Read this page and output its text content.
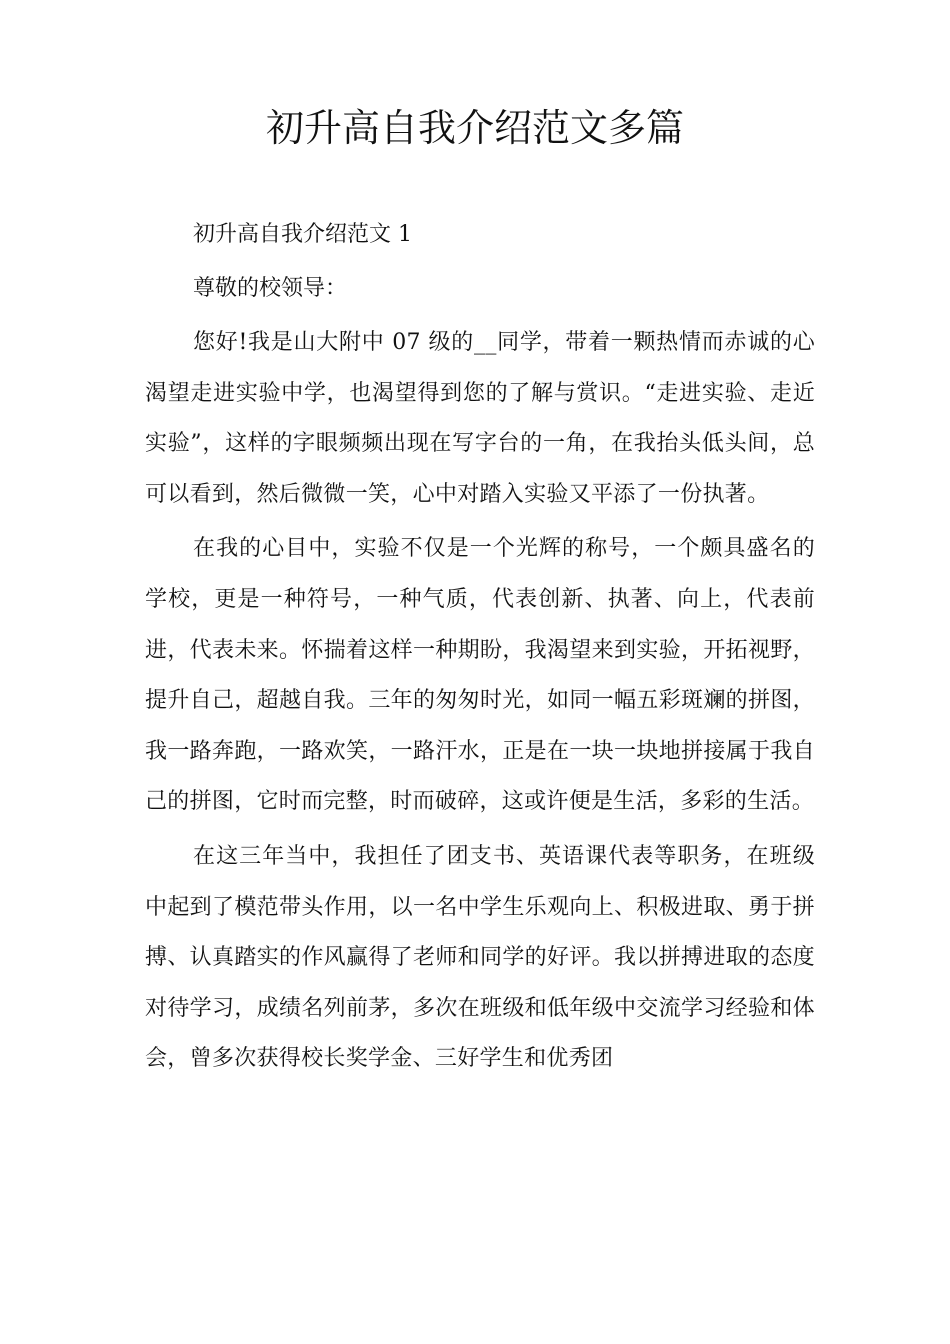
初升高自我介绍范文多篇

初升高自我介绍范文 1

尊敬的校领导：

您好!我是山大附中 07 级的__同学，带着一颗热情而赤诚的心渴望走进实验中学，也渴望得到您的了解与赏识。“走进实验、走近实验”，这样的字眼频频出现在写字台的一角，在我抬头低头间，总可以看到，然后微微一笑，心中对踏入实验又平添了一份执著。

在我的心目中，实验不仅是一个光辉的称号，一个颇具盛名的学校，更是一种符号，一种气质，代表创新、执著、向上，代表前进，代表未来。怀揣着这样一种期盼，我渴望来到实验，开拓视野，提升自己，超越自我。三年的匆匆时光，如同一幅五彩斑斓的拼图，我一路奔跑，一路欢笑，一路汗水，正是在一块一块地拼接属于我自己的拼图，它时而完整，时而破碎，这或许便是生活，多彩的生活。

在这三年当中，我担任了团支书、英语课代表等职务，在班级中起到了模范带头作用，以一名中学生乐观向上、积极进取、勇于拼搏、认真踏实的作风赢得了老师和同学的好评。我以拼搏进取的态度对待学习，成绩名列前茅，多次在班级和低年级中交流学习经验和体会，曾多次获得校长奖学金、三好学生和优秀团
